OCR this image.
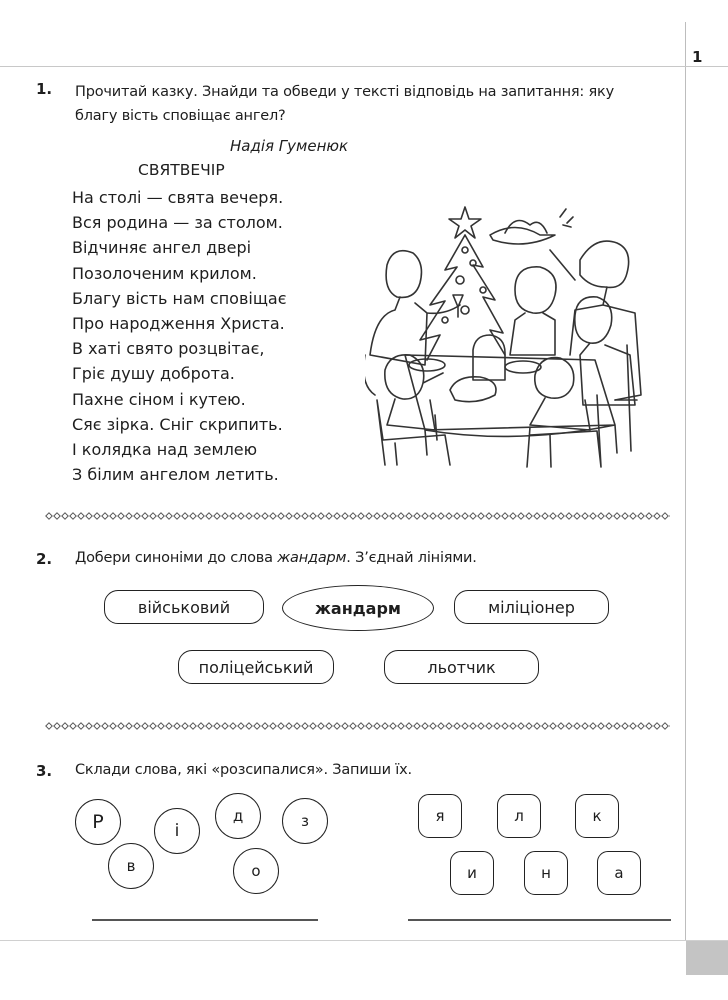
1
1. Прочитай казку. Знайди та обведи у тексті відповідь на запитання: яку
благу вість сповіщає ангел?
Надія Гуменюк
СВЯТВЕЧІР
На столі — свята вечеря.
Вся родина — за столом.
Відчиняє ангел двері
Позолоченим крилом.
Благу вість нам сповіщає
Про народження Христа.
В хаті свято розцвітає,
Гріє душу доброта.
Пахне сіном і кутею.
Сяє зірка. Сніг скрипить.
І колядка над землею
З білим ангелом летить.
2. Добери синоніми до слова жандарм. З’єднай лініями.
військовий	жандарм	міліціонер
поліцейський	льотчик
3. Склади слова, які «розсипалися». Запиши їх.
Р	і
д	з
в	о
я	л	к
и	н	а
